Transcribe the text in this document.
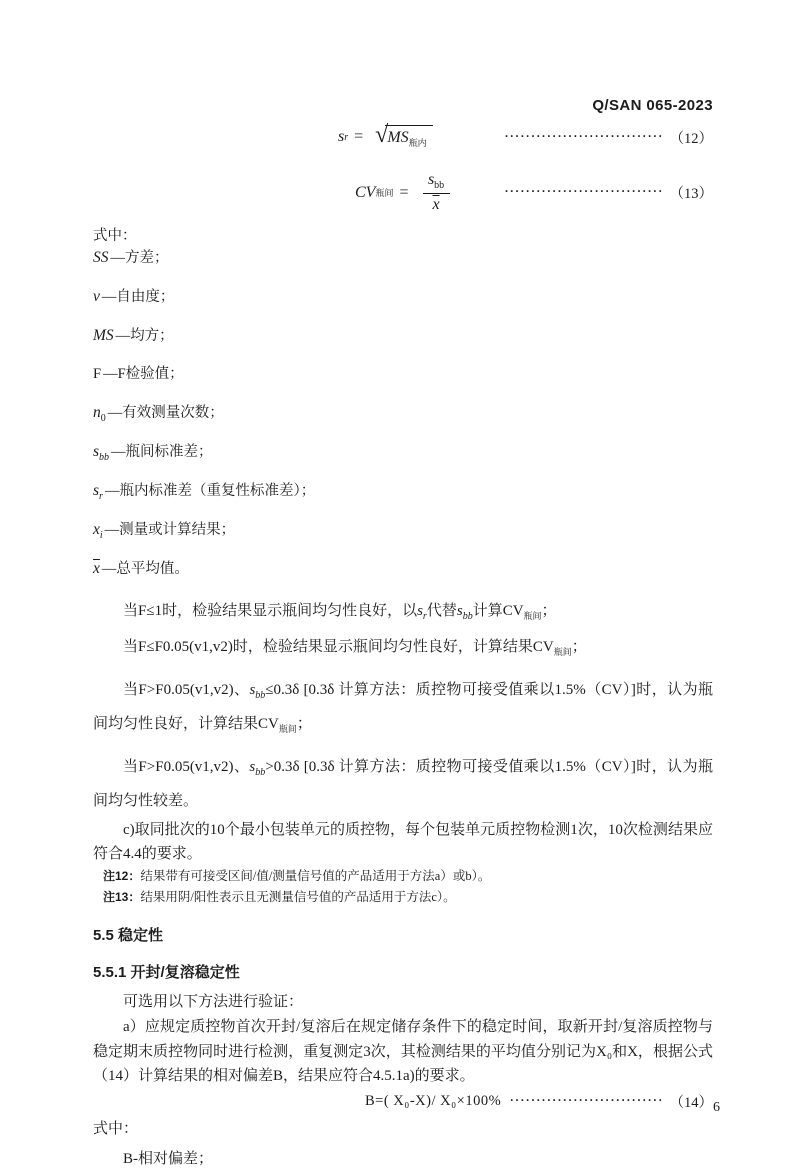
Q/SAN 065-2023
s r = √ $MS_{瓶内}$
······························ （12）
CV 瓶间 = $\frac{s_{bb}}{x}$	······························ （13）
式中：
SS —方差；
v —自由度；
MS —均方；
F —F检验值；
$n_0$ —有效测量次数；
$s_{bb}$ —瓶间标准差；
$s_r$ —瓶内标准差（重复性标准差）；
$x_i$ —测量或计算结果；
$\overline{x}$ —总平均值。
当F≤1时，检验结果显示瓶间均匀性良好，以$s_r$代替$s_{bb}$计算$CV_{瓶间}$；
当F≤F0.05(v1,v2)时，检验结果显示瓶间均匀性良好，计算结果$CV_{瓶间}$；
当F>F0.05(v1,v2)、$s_{bb}\le 0.3\delta$ [0.3δ 计算方法：质控物可接受值乘以1.5%（CV）]时，认为瓶间均匀性良好，计算结果$CV_{瓶间}$；
当F>F0.05(v1,v2)、$s_{bb}>0.3\delta$ [0.3δ 计算方法：质控物可接受值乘以1.5%（CV）]时，认为瓶间均匀性较差。
c)取同批次的10个最小包装单元的质控物，每个包装单元质控物检测1次，10次检测结果应符合4.4的要求。
注12：结果带有可接受区间/值/测量信号值的产品适用于方法a）或b）。
注13：结果用阴/阳性表示且无测量信号值的产品适用于方法c）。
5.5 稳定性
5.5.1 开封/复溶稳定性
可选用以下方法进行验证：
a）应规定质控物首次开封/复溶后在规定储存条件下的稳定时间，取新开封/复溶质控物与稳定期末质控物同时进行检测，重复测定3次，其检测结果的平均值分别记为X₀和X，根据公式（14）计算结果的相对偏差B，结果应符合4.5.1a)的要求。
B=( X₀-X)/ X₀×100% ····························· （14）
式中：
B-相对偏差；
6
